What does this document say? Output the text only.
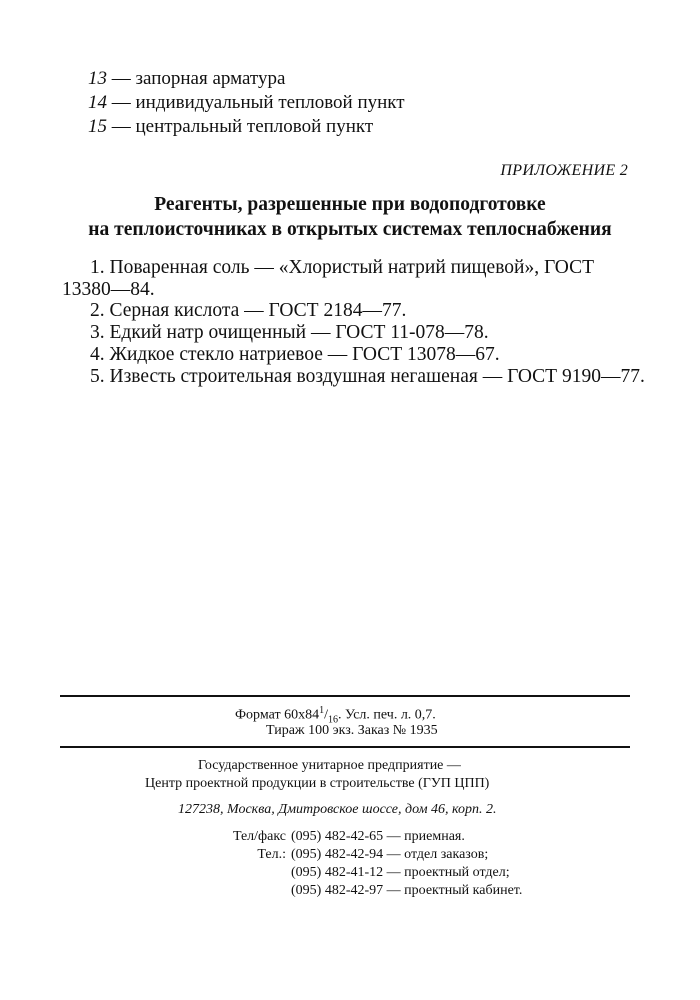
13 — запорная арматура
14 — индивидуальный тепловой пункт
15 — центральный тепловой пункт
ПРИЛОЖЕНИЕ 2
Реагенты, разрешенные при водоподготовке
на теплоисточниках в открытых системах теплоснабжения
1. Поваренная соль — «Хлористый натрий пищевой», ГОСТ
13380—84.
2. Серная кислота — ГОСТ 2184—77.
3. Едкий натр очищенный — ГОСТ 11-078—78.
4. Жидкое стекло натриевое — ГОСТ 13078—67.
5. Известь строительная воздушная негашеная — ГОСТ 9190—77.
Формат $60х84^1/_{16}$. Усл. печ. л. 0,7.
Тираж 100 экз. Заказ № 1935
Государственное унитарное предприятие —
Центр проектной продукции в строительстве (ГУП ЦПП)
127238, Москва, Дмитровское шоссе, дом 46, корп. 2.
Тел/факс (095) 482-42-65 — приемная.
Тел.: (095) 482-42-94 — отдел заказов;
(095) 482-41-12 — проектный отдел;
(095) 482-42-97 — проектный кабинет.
